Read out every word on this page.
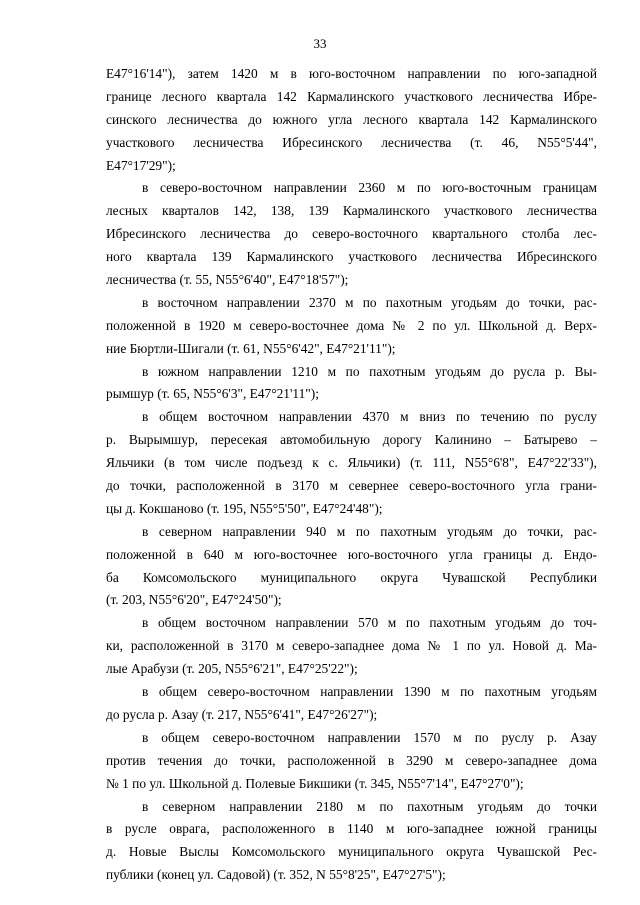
33
E47°16'14"), затем 1420 м в юго-восточном направлении по юго-западной
границе лесного квартала 142 Кармалинского участкового лесничества Ибре-
синского лесничества до южного угла лесного квартала 142 Кармалинского
участкового лесничества Ибресинского лесничества (т. 46, N55°5'44",
E47°17'29");
в северо-восточном направлении 2360 м по юго-восточным границам
лесных кварталов 142, 138, 139 Кармалинского участкового лесничества
Ибресинского лесничества до северо-восточного квартального столба лес-
ного квартала 139 Кармалинского участкового лесничества Ибресинского
лесничества (т. 55, N55°6'40", E47°18'57");
в восточном направлении 2370 м по пахотным угодьям до точки, рас-
положенной в 1920 м северо-восточнее дома № 2 по ул. Школьной д. Верх-
ние Бюртли-Шигали (т. 61, N55°6'42", E47°21'11");
в южном направлении 1210 м по пахотным угодьям до русла р. Вы-
рымшур (т. 65, N55°6'3", E47°21'11");
в общем восточном направлении 4370 м вниз по течению по руслу
р. Вырымшур, пересекая автомобильную дорогу Калинино – Батырево –
Яльчики (в том числе подъезд к с. Яльчики) (т. 111, N55°6'8", E47°22'33"),
до точки, расположенной в 3170 м севернее северо-восточного угла грани-
цы д. Кокшаново (т. 195, N55°5'50", E47°24'48");
в северном направлении 940 м по пахотным угодьям до точки, рас-
положенной в 640 м юго-восточнее юго-восточного угла границы д. Ендо-
ба Комсомольского муниципального округа Чувашской Республики
(т. 203, N55°6'20", E47°24'50");
в общем восточном направлении 570 м по пахотным угодьям до точ-
ки, расположенной в 3170 м северо-западнее дома № 1 по ул. Новой д. Ма-
лые Арабузи (т. 205, N55°6'21", E47°25'22");
в общем северо-восточном направлении 1390 м по пахотным угодьям
до русла р. Азау (т. 217, N55°6'41", E47°26'27");
в общем северо-восточном направлении 1570 м по руслу р. Азау
против течения до точки, расположенной в 3290 м северо-западнее дома
№ 1 по ул. Школьной д. Полевые Бикшики (т. 345, N55°7'14", E47°27'0");
в северном направлении 2180 м по пахотным угодьям до точки
в русле оврага, расположенного в 1140 м юго-западнее южной границы
д. Новые Выслы Комсомольского муниципального округа Чувашской Рес-
публики (конец ул. Садовой) (т. 352, N 55°8'25", E47°27'5");
